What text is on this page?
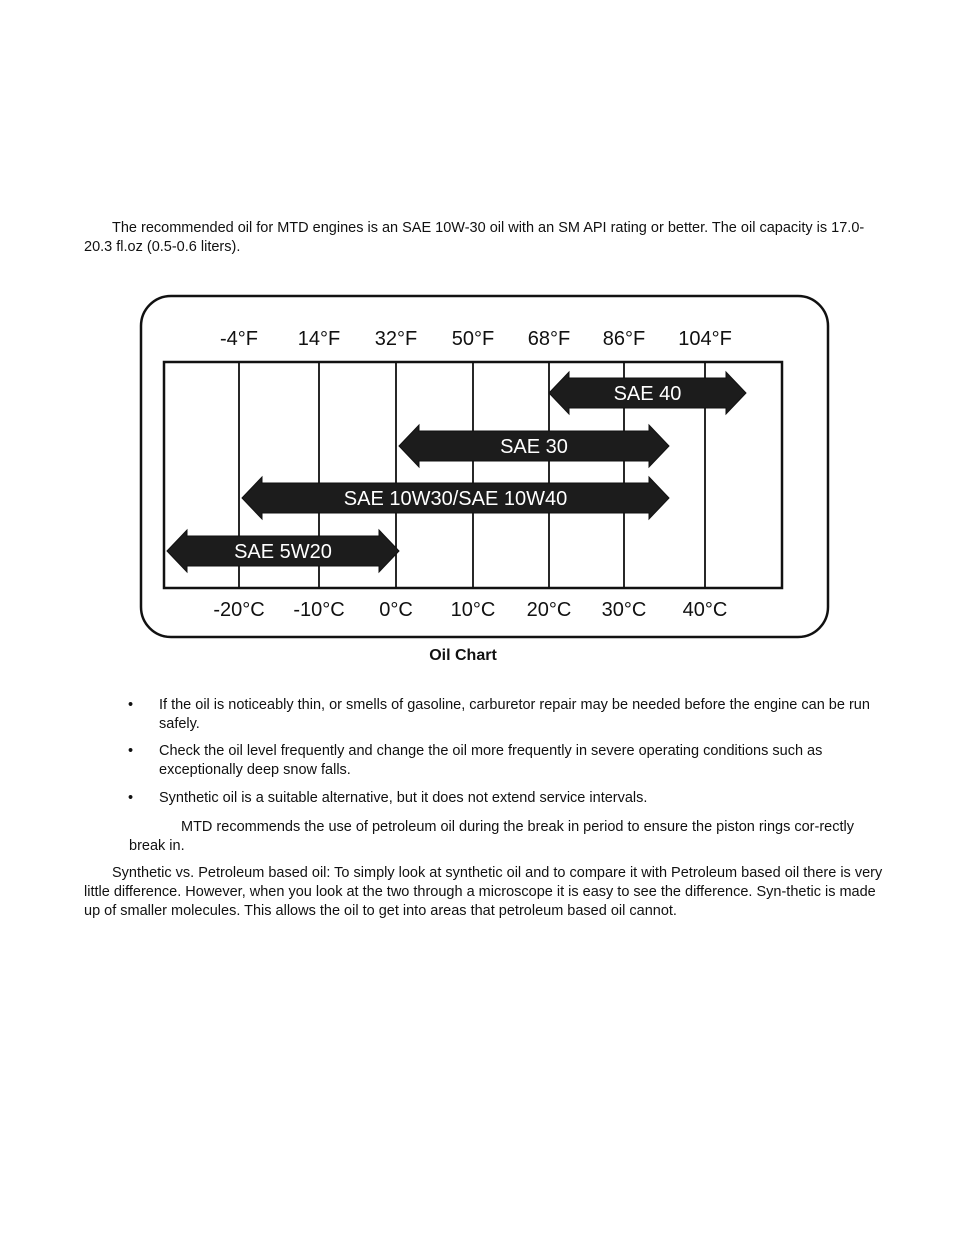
The recommended oil for MTD engines is an SAE 10W-30 oil with an SM API rating or better. The oil capacity is 17.0- 20.3 fl.oz (0.5-0.6 liters).

SAE 40
SAE 30
SAE 10W30/SAE 10W40
SAE 5W20
-4°F 14°F 32°F 50°F 68°F 86°F 104°F
-20°C -10°C 0°C 10°C 20°C 30°C 40°C
Oil Chart
• If the oil is noticeably thin, or smells of gasoline, carburetor repair may be needed before the engine can be run safely.
• Check the oil level frequently and change the oil more frequently in severe operating conditions such as exceptionally deep snow falls.
• Synthetic oil is a suitable alternative, but it does not extend service intervals.

MTD recommends the use of petroleum oil during the break in period to ensure the piston rings cor-rectly break in.

Synthetic vs. Petroleum based oil: To simply look at synthetic oil and to compare it with Petroleum based oil there is very little difference. However, when you look at the two through a microscope it is easy to see the difference. Syn-thetic is made up of smaller molecules. This allows the oil to get into areas that petroleum based oil cannot.
